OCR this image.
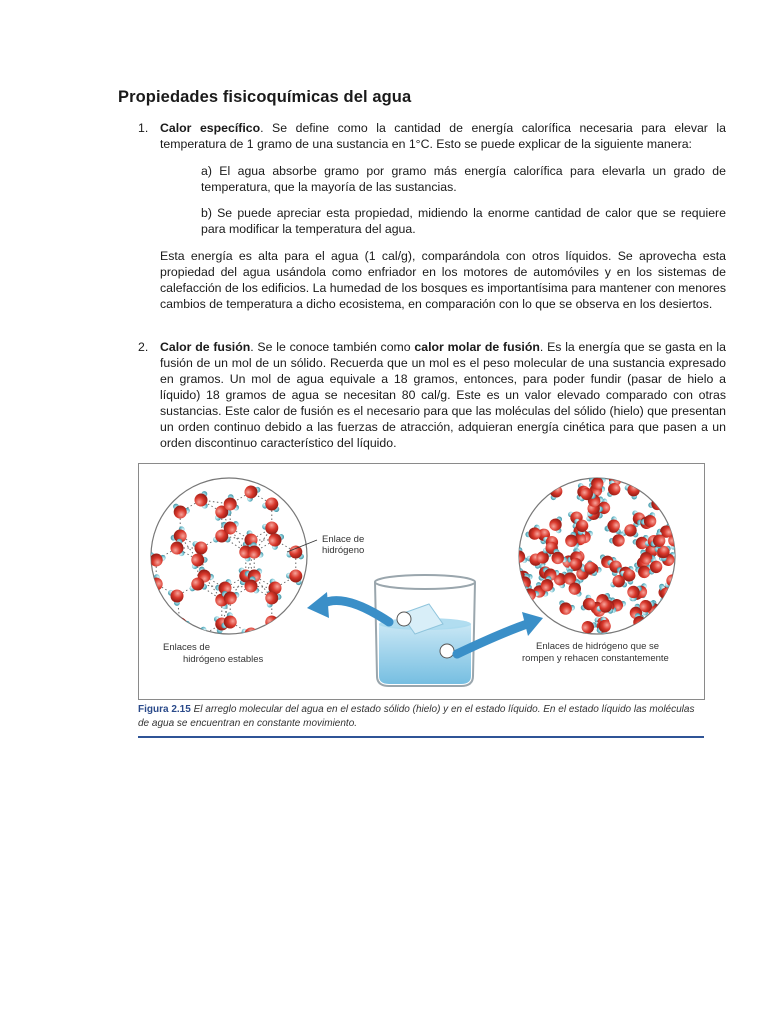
Propiedades fisicoquímicas del agua
1. Calor específico. Se define como la cantidad de energía calorífica necesaria para elevar la temperatura de 1 gramo de una sustancia en 1°C. Esto se puede explicar de la siguiente manera:
a) El agua absorbe gramo por gramo más energía calorífica para elevarla un grado de temperatura, que la mayoría de las sustancias.
b) Se puede apreciar esta propiedad, midiendo la enorme cantidad de calor que se requiere para modificar la temperatura del agua.
Esta energía es alta para el agua (1 cal/g), comparándola con otros líquidos. Se aprovecha esta propiedad del agua usándola como enfriador en los motores de automóviles y en los sistemas de calefacción de los edificios. La humedad de los bosques es importantísima para mantener con menores cambios de temperatura a dicho ecosistema, en comparación con lo que se observa en los desiertos.
2. Calor de fusión. Se le conoce también como calor molar de fusión. Es la energía que se gasta en la fusión de un mol de un sólido. Recuerda que un mol es el peso molecular de una sustancia expresado en gramos. Un mol de agua equivale a 18 gramos, entonces, para poder fundir (pasar de hielo a líquido) 18 gramos de agua se necesitan 80 cal/g. Este es un valor elevado comparado con otras sustancias. Este calor de fusión es el necesario para que las moléculas del sólido (hielo) que presentan un orden continuo debido a las fuerzas de atracción, adquieran energía cinética para que pasen a un orden discontinuo característico del líquido.
Enlace de
hidrógeno
Enlaces de
hidrógeno estables
Enlaces de hidrógeno que se
rompen y rehacen constantemente
Figura 2.15 El arreglo molecular del agua en el estado sólido (hielo) y en el estado líquido. En el estado líquido las moléculas de agua se encuentran en constante movimiento.
